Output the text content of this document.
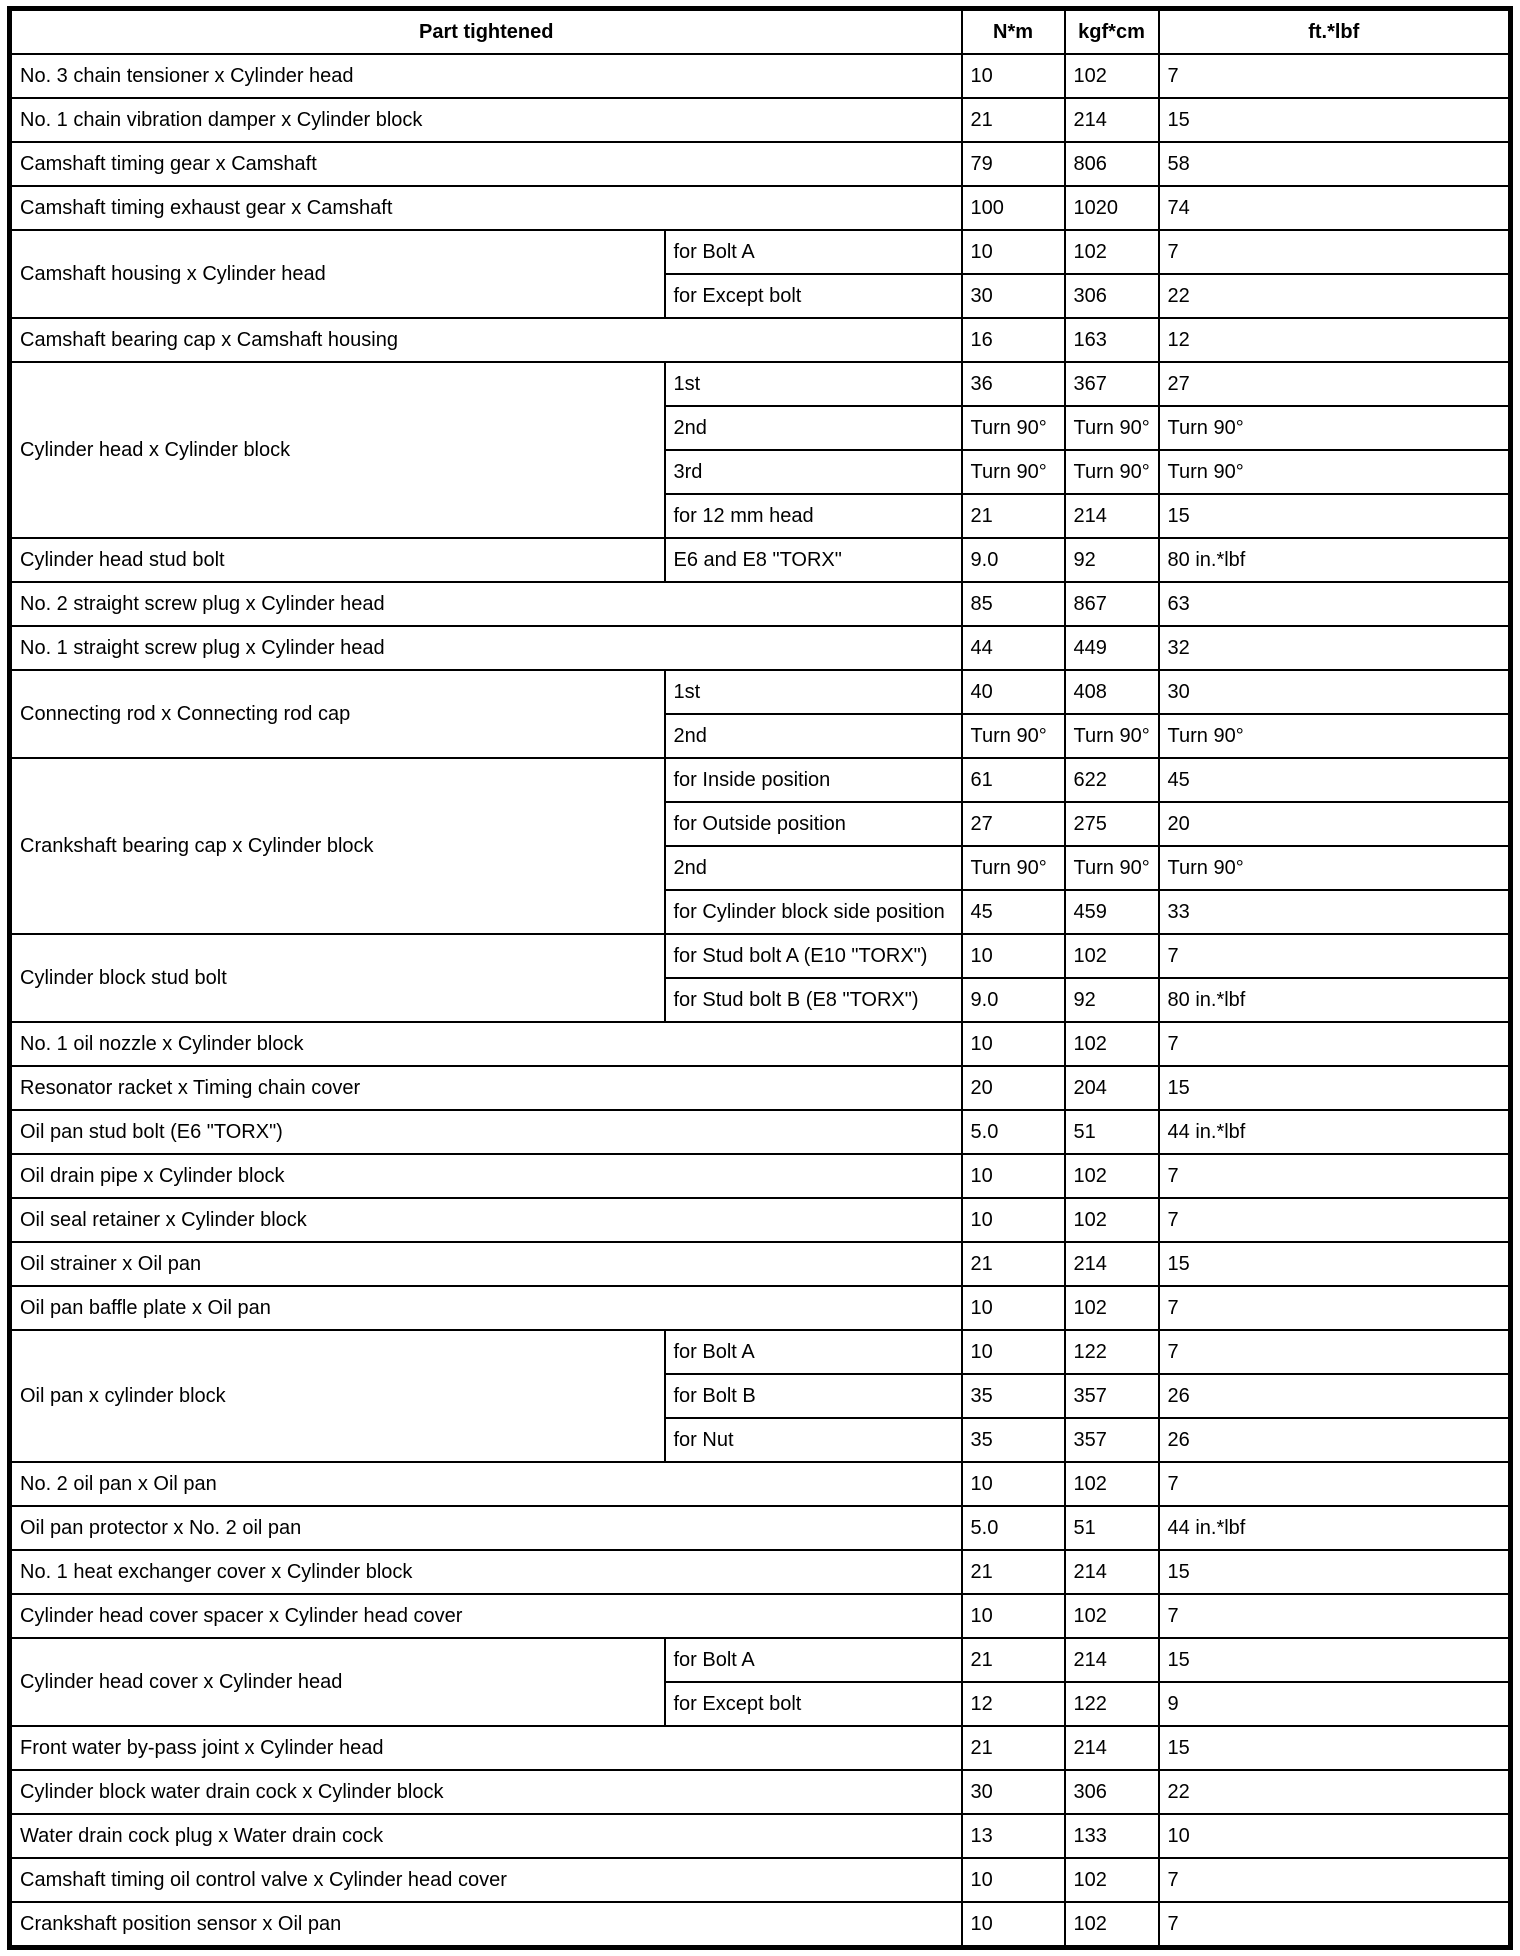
Part tightened		N*m	kgf*cm	ft.*lbf
No. 3 chain tensioner x Cylinder head		10	102	7
No. 1 chain vibration damper x Cylinder block		21	214	15
Camshaft timing gear x Camshaft		79	806	58
Camshaft timing exhaust gear x Camshaft		100	1020	74
Camshaft housing x Cylinder head	for Bolt A	10	102	7
	for Except bolt	30	306	22
Camshaft bearing cap x Camshaft housing		16	163	12
Cylinder head x Cylinder block	1st	36	367	27
	2nd	Turn 90°	Turn 90°	Turn 90°
	3rd	Turn 90°	Turn 90°	Turn 90°
	for 12 mm head	21	214	15
Cylinder head stud bolt	E6 and E8 "TORX"	9.0	92	80 in.*lbf
No. 2 straight screw plug x Cylinder head		85	867	63
No. 1 straight screw plug x Cylinder head		44	449	32
Connecting rod x Connecting rod cap	1st	40	408	30
	2nd	Turn 90°	Turn 90°	Turn 90°
Crankshaft bearing cap x Cylinder block	for Inside position	61	622	45
	for Outside position	27	275	20
	2nd	Turn 90°	Turn 90°	Turn 90°
	for Cylinder block side position	45	459	33
Cylinder block stud bolt	for Stud bolt A (E10 "TORX")	10	102	7
	for Stud bolt B (E8 "TORX")	9.0	92	80 in.*lbf
No. 1 oil nozzle x Cylinder block		10	102	7
Resonator racket x Timing chain cover		20	204	15
Oil pan stud bolt (E6 "TORX")		5.0	51	44 in.*lbf
Oil drain pipe x Cylinder block		10	102	7
Oil seal retainer x Cylinder block		10	102	7
Oil strainer x Oil pan		21	214	15
Oil pan baffle plate x Oil pan		10	102	7
Oil pan x cylinder block	for Bolt A	10	122	7
	for Bolt B	35	357	26
	for Nut	35	357	26
No. 2 oil pan x Oil pan		10	102	7
Oil pan protector x No. 2 oil pan		5.0	51	44 in.*lbf
No. 1 heat exchanger cover x Cylinder block		21	214	15
Cylinder head cover spacer x Cylinder head cover		10	102	7
Cylinder head cover x Cylinder head	for Bolt A	21	214	15
	for Except bolt	12	122	9
Front water by-pass joint x Cylinder head		21	214	15
Cylinder block water drain cock x Cylinder block		30	306	22
Water drain cock plug x Water drain cock		13	133	10
Camshaft timing oil control valve x Cylinder head cover		10	102	7
Crankshaft position sensor x Oil pan		10	102	7
